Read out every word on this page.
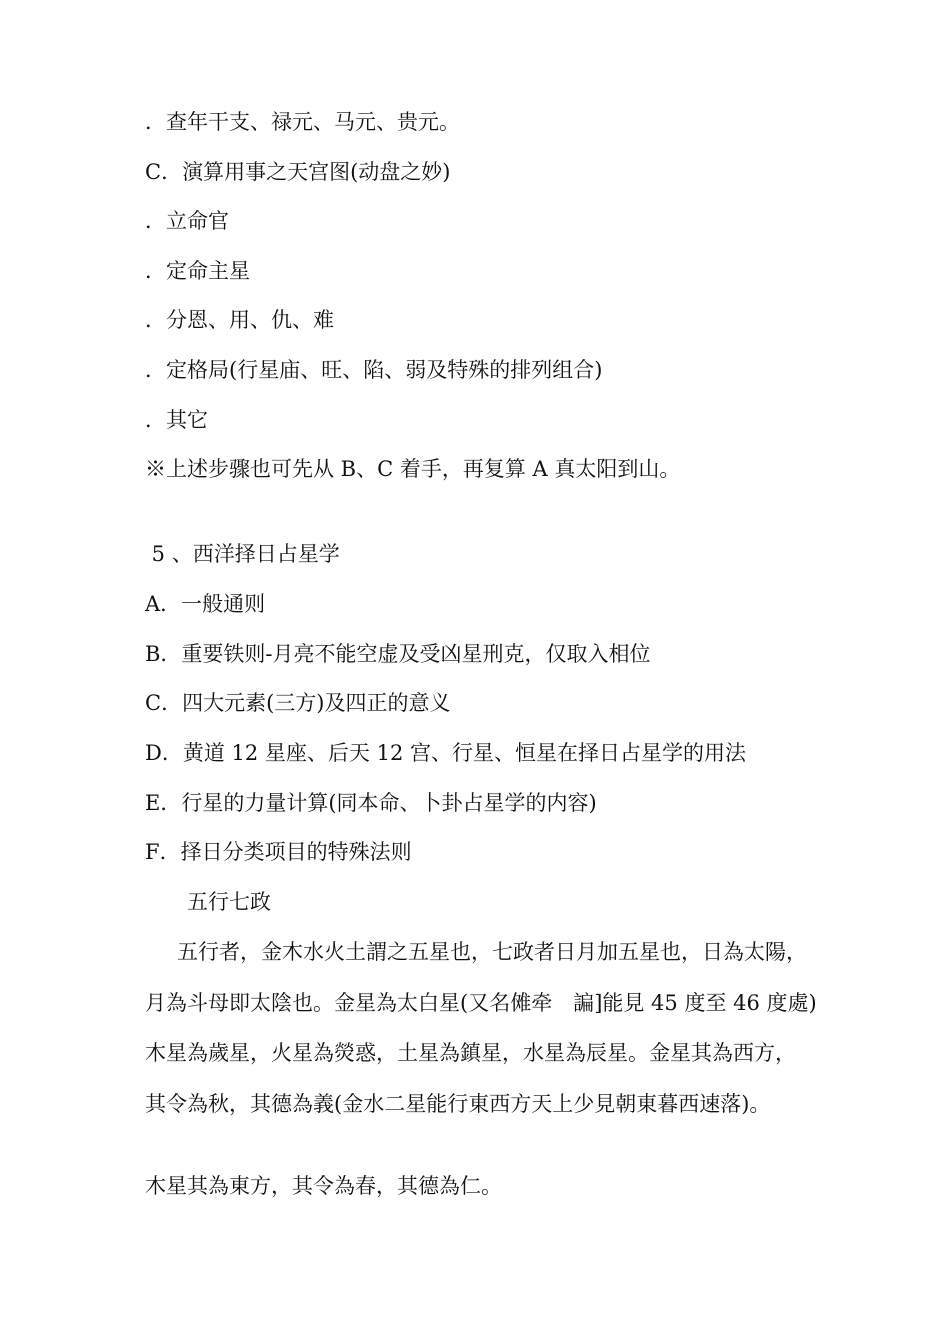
．查年干支、禄元、马元、贵元。
C．演算用事之天宫图(动盘之妙)
．立命官
．定命主星
．分恩、用、仇、难
．定格局(行星庙、旺、陷、弱及特殊的排列组合)
．其它
※上述步骤也可先从 B、C 着手，再复算 A 真太阳到山。
5 、西洋择日占星学
A．一般通则
B．重要铁则-月亮不能空虚及受凶星刑克，仅取入相位
C．四大元素(三方)及四正的意义
D．黄道 12 星座、后天 12 宫、行星、恒星在择日占星学的用法
E．行星的力量计算(同本命、卜卦占星学的内容)
F．择日分类项目的特殊法则
五行七政
五行者，金木水火土謂之五星也，七政者日月加五星也，日為太陽，
月為斗母即太陰也。金星為太白星(又名傩牵　諞]能見 45 度至 46 度處)
木星為歲星，火星為熒惑，土星為鎮星，水星為辰星。金星其為西方，
其令為秋，其德為義(金水二星能行東西方天上少見朝東暮西速落)。
木星其為東方，其令為春，其德為仁。
